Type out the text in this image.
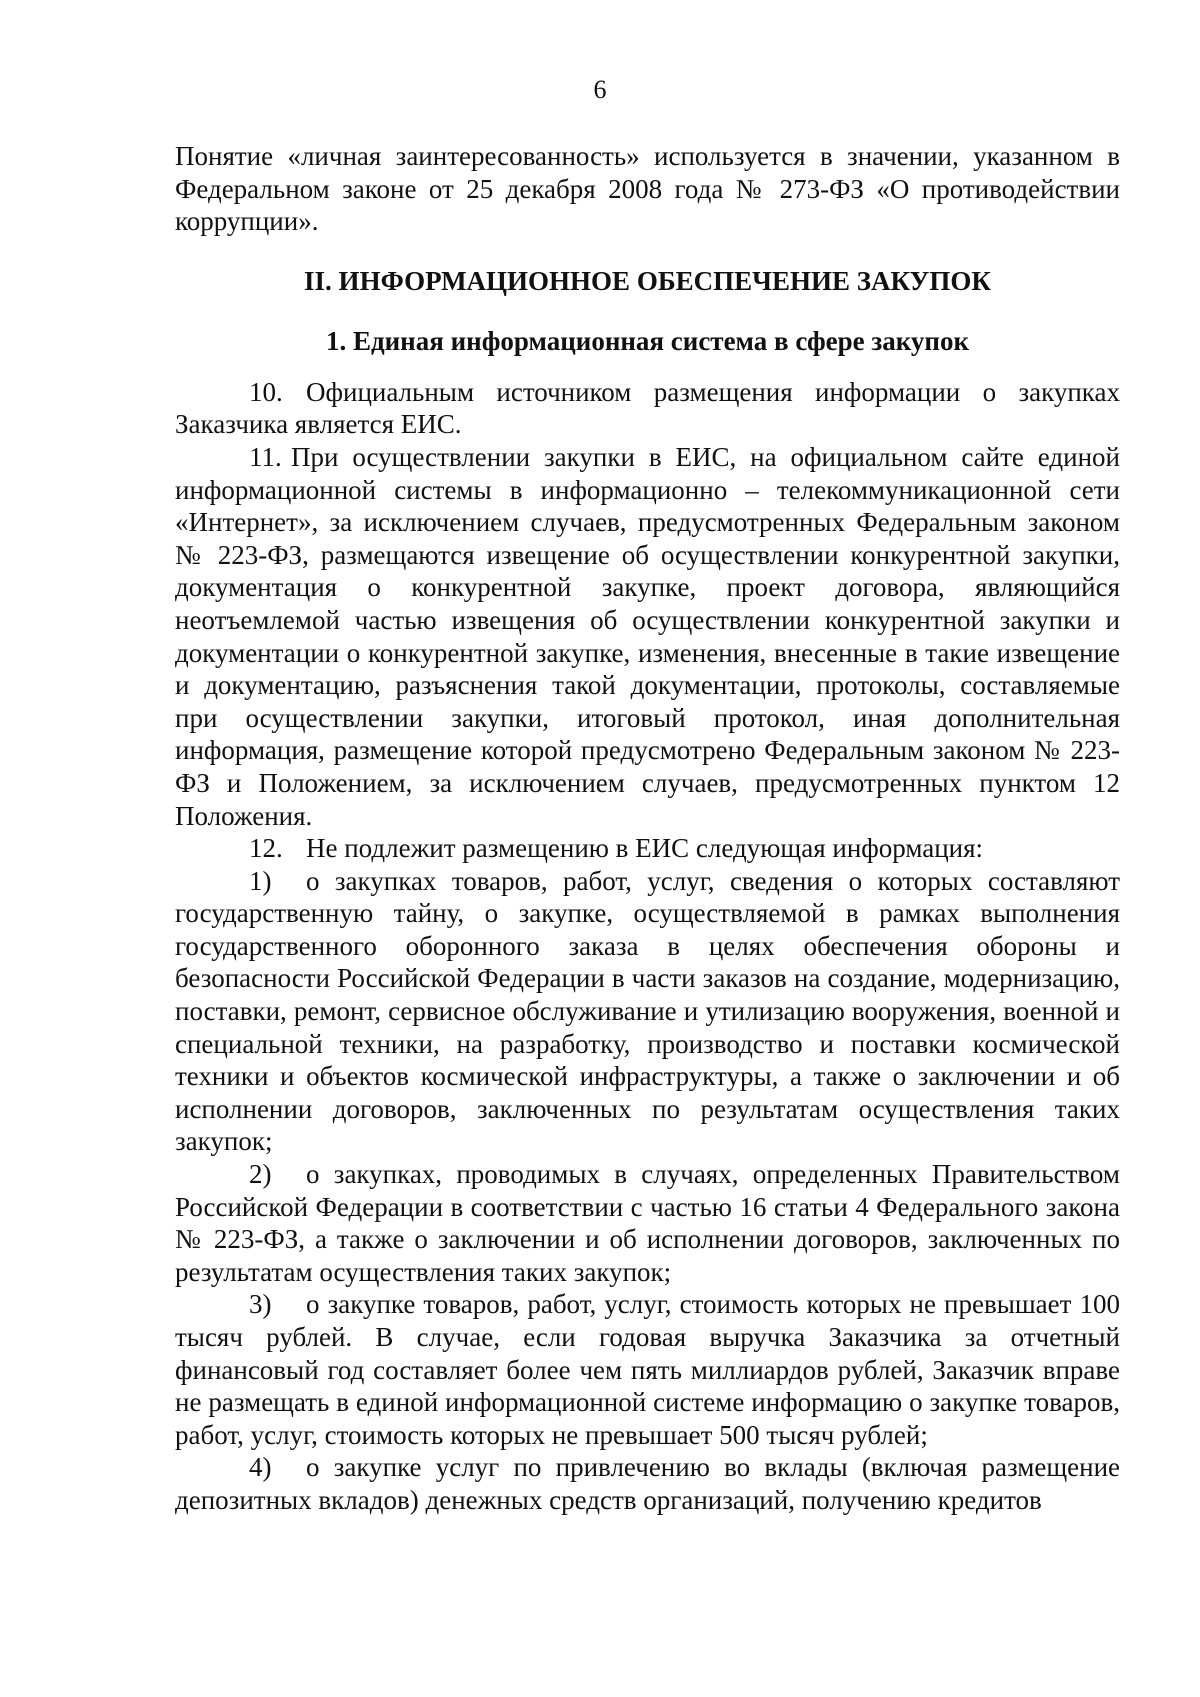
6

Понятие «личная заинтересованность» используется в значении, указанном в Федеральном законе от 25 декабря 2008 года № 273-ФЗ «О противодействии коррупции».

II. ИНФОРМАЦИОННОЕ ОБЕСПЕЧЕНИЕ ЗАКУПОК
1. Единая информационная система в сфере закупок

10. Официальным источником размещения информации о закупках Заказчика является ЕИС.

11. При осуществлении закупки в ЕИС, на официальном сайте единой информационной системы в информационно – телекоммуникационной сети «Интернет», за исключением случаев, предусмотренных Федеральным законом № 223-ФЗ, размещаются извещение об осуществлении конкурентной закупки, документация о конкурентной закупке, проект договора, являющийся неотъемлемой частью извещения об осуществлении конкурентной закупки и документации о конкурентной закупке, изменения, внесенные в такие извещение и документацию, разъяснения такой документации, протоколы, составляемые при осуществлении закупки, итоговый протокол, иная дополнительная информация, размещение которой предусмотрено Федеральным законом № 223-ФЗ и Положением, за исключением случаев, предусмотренных пунктом 12 Положения.

12. Не подлежит размещению в ЕИС следующая информация:

1) о закупках товаров, работ, услуг, сведения о которых составляют государственную тайну, о закупке, осуществляемой в рамках выполнения государственного оборонного заказа в целях обеспечения обороны и безопасности Российской Федерации в части заказов на создание, модернизацию, поставки, ремонт, сервисное обслуживание и утилизацию вооружения, военной и специальной техники, на разработку, производство и поставки космической техники и объектов космической инфраструктуры, а также о заключении и об исполнении договоров, заключенных по результатам осуществления таких закупок;

2) о закупках, проводимых в случаях, определенных Правительством Российской Федерации в соответствии с частью 16 статьи 4 Федерального закона № 223-ФЗ, а также о заключении и об исполнении договоров, заключенных по результатам осуществления таких закупок;

3) о закупке товаров, работ, услуг, стоимость которых не превышает 100 тысяч рублей. В случае, если годовая выручка Заказчика за отчетный финансовый год составляет более чем пять миллиардов рублей, Заказчик вправе не размещать в единой информационной системе информацию о закупке товаров, работ, услуг, стоимость которых не превышает 500 тысяч рублей;

4) о закупке услуг по привлечению во вклады (включая размещение депозитных вкладов) денежных средств организаций, получению кредитов
